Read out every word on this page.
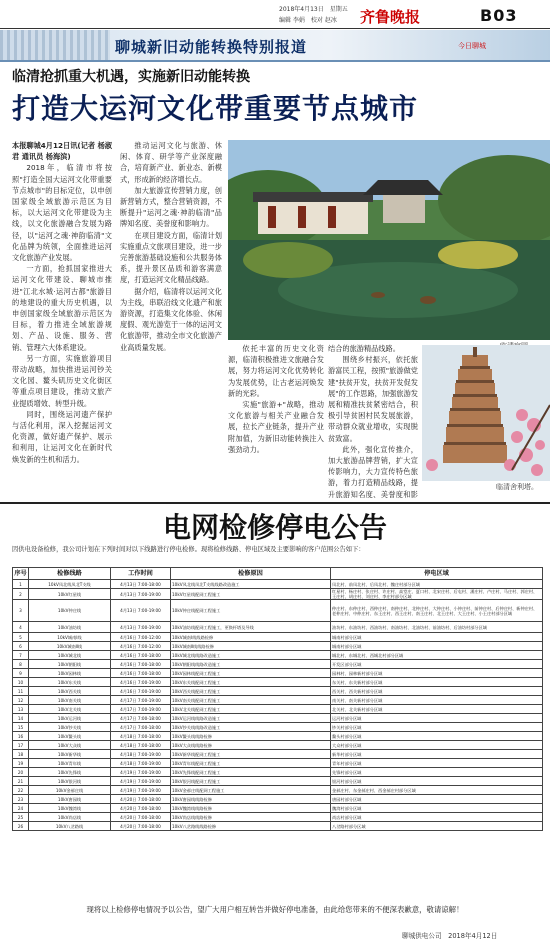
2018年4月13日　星期五
编辑 李娟　校对 赵冰 齐鲁晚报	B03
聊城新旧动能转换特别报道	今日聊城
临清抢抓重大机遇，实施新旧动能转换
打造大运河文化带重要节点城市

本报聊城4月12日讯(记者 杨淑君 通讯员 杨海滨)

2018年，临清市将按照"打造全国大运河文化带重要节点城市"的目标定位，以申创国家级全域旅游示范区为目标，以大运河文化带建设为主线，以文化旅游融合发展为路径，以"运河之魂·神韵临清"文化品牌为统领，全面推进运河文化旅游产业发展。

一方面，抢抓国家推进大运河文化带建设、聊城市推进"江北水城·运河古都"旅游目的地建设的重大历史机遇，以申创国家级全域旅游示范区为目标，着力推进全域旅游规划、产品、设施、服务、营销、管理六大体系建设。

另一方面，实施旅游项目带动战略，加快推进运河钞关文化园、鳌头矶历史文化街区等重点项目建设，推动文旅产业提质增效、转型升级。

同时，围绕运河遗产保护与活化利用，深入挖掘运河文化资源，做好遗产保护、展示和利用，让运河文化在新时代焕发新的生机和活力。

推动运河文化与旅游、休闲、体育、研学等产业深度融合，培育新产业、新业态、新模式，形成新的经济增长点。

加大旅游宣传营销力度，创新营销方式，整合营销资源，不断提升"运河之魂·神韵临清"品牌知名度、美誉度和影响力。

在项目建设方面，临清计划实施重点文旅项目建设，进一步完善旅游基础设施和公共服务体系，提升景区品质和游客满意度，打造运河文化精品线路。

据介绍，临清将以运河文化为主线，串联沿线文化遗产和旅游资源，打造集文化体验、休闲度假、观光游览于一体的运河文化旅游带，推动全市文化旅游产业高质量发展。	依托丰富的历史文化资源，临清积极推进文旅融合发展，努力将运河文化优势转化为发展优势，让古老运河焕发新的光彩。

实施"旅游+"战略，推动文化旅游与相关产业融合发展，拉长产业链条，提升产业附加值，为新旧动能转换注入强劲动力。

结合的旅游精品线路。

围绕乡村振兴，依托旅游富民工程，按照"旅游做党建"扶贫开发，扶贫开发促发展"的工作思路，加强旅游发展和精准扶贫紧密结合，积极引导贫困村民发展旅游，带动群众就业增收，实现脱贫致富。

此外，强化宣传推介，加大旅游品牌营销，扩大宣传影响力，大力宣传特色旅游，着力打造精品线路，提升旅游知名度、美誉度和影

临清舍利塔。
电网检修停电公告
因供电设备检修，我公司计划在下列时间对以下线路进行停电检修。现将检修线路、停电区域及主要影响的客户范围公告如下：
序号	检修线路	工作时间	检修原因	停电区域
1	10kV凤北线凤北T支线	4月13日 7:00-18:00	10kV凤北线凤北T支线线路改造施工	凤北村、前凤北村、后凤北村、魏庄村部分区域
2	10kV红星线	4月13日 7:00-19:00	10kV红星线配网工程施工	红星村、杨庄村、张庄村、许庄村、高堂庄、夏口村、北宋庄村、后屯村、潘庄村、卢庄村、马庄村、郭庄村、王庄村、胡庄村、刘庄村、李庄村部分区域
3	10kV仲庄线	4月13日 7:00-19:00	10kV仲庄线配网工程施工	仲庄村、东仲庄村、西仲庄村、南仲庄村、北仲庄村、大仲庄村、小仲庄村、前仲庄村、后仲庄村、新仲庄村、老仲庄村、中仲庄村、东王庄村、西王庄村、南王庄村、北王庄村、大王庄村、小王庄村部分区域
4	10kV油坊线	4月13日 7:00-19:00	10kV油坊线配网工程施工，更换杆塔及导线	油坊村、东油坊村、西油坊村、南油坊村、北油坊村、前油坊村、后油坊村部分区域
5	10kV城南I线	4月16日 7:00-12:00	10kV城南I线线路检修	城南村部分区域
6	10kV城南Ⅱ线	4月16日 7:00-12:00	10kV城南Ⅱ线线路检修	城南村部分区域
7	10kV城北线	4月16日 7:00-18:00	10kV城北线线路改造施工	城北村、东城北村、西城北村部分区域
8	10kV朝阳线	4月16日 7:00-18:00	10kV朝阳线线路改造施工	开发区部分区域
9	10kV园林线	4月16日 7:00-18:00	10kV园林线配网工程施工	园林村、园林新村部分区域
10	10kV东关线	4月16日 7:00-19:00	10kV东关线配网工程施工	东关村、东关新村部分区域
11	10kV西关线	4月16日 7:00-19:00	10kV西关线配网工程施工	西关村、西关新村部分区域
12	10kV南关线	4月17日 7:00-19:00	10kV南关线配网工程施工	南关村、南关新村部分区域
13	10kV北关线	4月17日 7:00-19:00	10kV北关线配网工程施工	北关村、北关新村部分区域
14	10kV运河线	4月17日 7:00-18:00	10kV运河线线路改造施工	运河村部分区域
15	10kV钞关线	4月17日 7:00-18:00	10kV钞关线线路改造施工	钞关村部分区域
16	10kV鳌头线	4月18日 7:00-18:00	10kV鳌头线线路检修	鳌头村部分区域
17	10kV大众线	4月18日 7:00-18:00	10kV大众线线路检修	大众村部分区域
18	10kV新华线	4月18日 7:00-19:00	10kV新华线配网工程施工	新华村部分区域
19	10kV青年线	4月18日 7:00-19:00	10kV青年线配网工程施工	青年村部分区域
20	10kV先锋线	4月19日 7:00-19:00	10kV先锋线配网工程施工	先锋村部分区域
21	10kV银河线	4月19日 7:00-19:00	10kV银河线配网工程施工	银河村部分区域
22	10kV金郝庄线	4月19日 7:00-19:00	10kV金郝庄线配网工程施工	金郝庄村、东金郝庄村、西金郝庄村部分区域
23	10kV唐园线	4月20日 7:00-18:00	10kV唐园线线路检修	唐园村部分区域
24	10kV魏湾线	4月20日 7:00-18:00	10kV魏湾线线路检修	魏湾村部分区域
25	10kV尚店线	4月20日 7:00-18:00	10kV尚店线线路检修	尚店村部分区域
26	10kV八岔路线	4月20日 7:00-18:00	10kV八岔路线线路检修	八岔路村部分区域
现将以上检修停电情况予以公告，望广大用户相互转告并做好停电准备，由此给您带来的不便深表歉意，敬请谅解！
聊城供电公司　2018年4月12日
